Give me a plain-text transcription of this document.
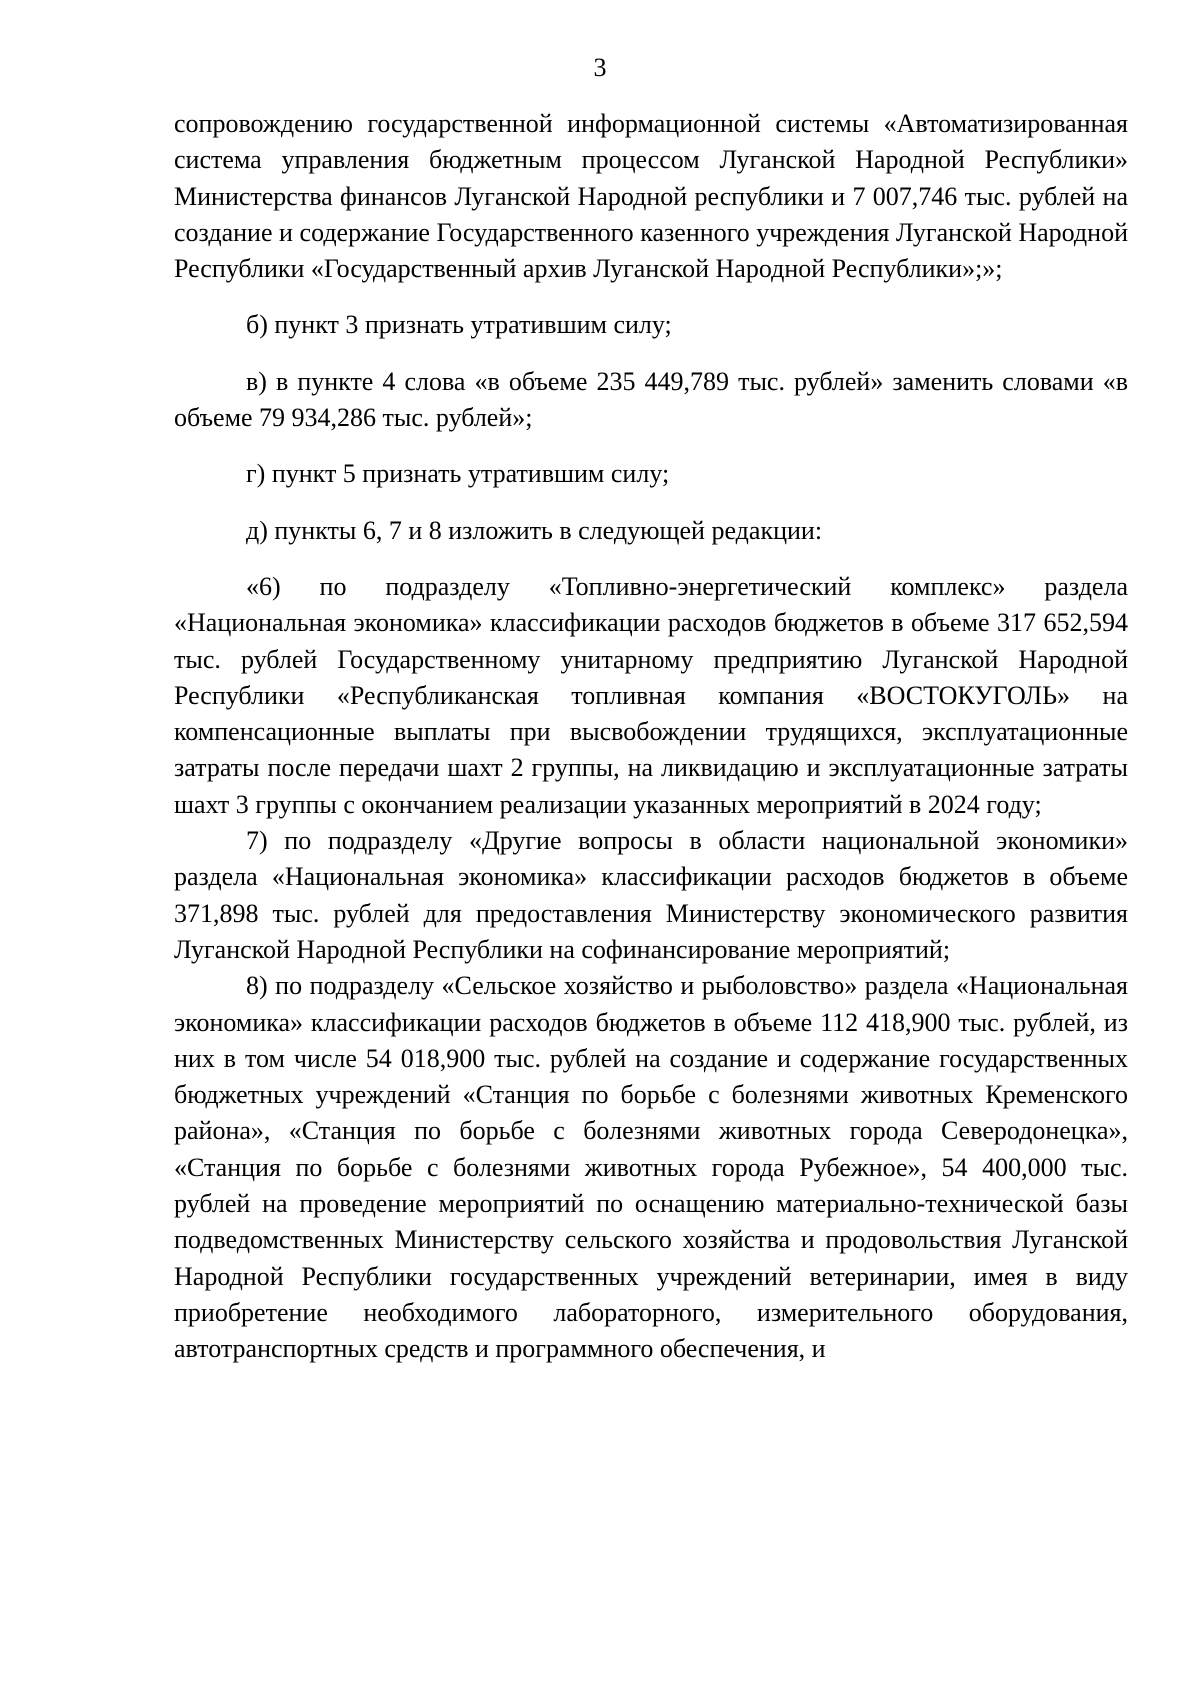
3

сопровождению государственной информационной системы «Автоматизированная система управления бюджетным процессом Луганской Народной Республики» Министерства финансов Луганской Народной республики и 7 007,746 тыс. рублей на создание и содержание Государственного казенного учреждения Луганской Народной Республики «Государственный архив Луганской Народной Республики»;»;

б) пункт 3 признать утратившим силу;

в) в пункте 4 слова «в объеме 235 449,789 тыс. рублей» заменить словами «в объеме 79 934,286 тыс. рублей»;

г) пункт 5 признать утратившим силу;

д) пункты 6, 7 и 8 изложить в следующей редакции:

«6) по подразделу «Топливно-энергетический комплекс» раздела «Национальная экономика» классификации расходов бюджетов в объеме 317 652,594 тыс. рублей Государственному унитарному предприятию Луганской Народной Республики «Республиканская топливная компания «ВОСТОКУГОЛЬ» на компенсационные выплаты при высвобождении трудящихся, эксплуатационные затраты после передачи шахт 2 группы, на ликвидацию и эксплуатационные затраты шахт 3 группы с окончанием реализации указанных мероприятий в 2024 году;

7) по подразделу «Другие вопросы в области национальной экономики» раздела «Национальная экономика» классификации расходов бюджетов в объеме 371,898 тыс. рублей для предоставления Министерству экономического развития Луганской Народной Республики на софинансирование мероприятий;

8) по подразделу «Сельское хозяйство и рыболовство» раздела «Национальная экономика» классификации расходов бюджетов в объеме 112 418,900 тыс. рублей, из них в том числе 54 018,900 тыс. рублей на создание и содержание государственных бюджетных учреждений «Станция по борьбе с болезнями животных Кременского района», «Станция по борьбе с болезнями животных города Северодонецка», «Станция по борьбе с болезнями животных города Рубежное», 54 400,000 тыс. рублей на проведение мероприятий по оснащению материально-технической базы подведомственных Министерству сельского хозяйства и продовольствия Луганской Народной Республики государственных учреждений ветеринарии, имея в виду приобретение необходимого лабораторного, измерительного оборудования, автотранспортных средств и программного обеспечения, и
